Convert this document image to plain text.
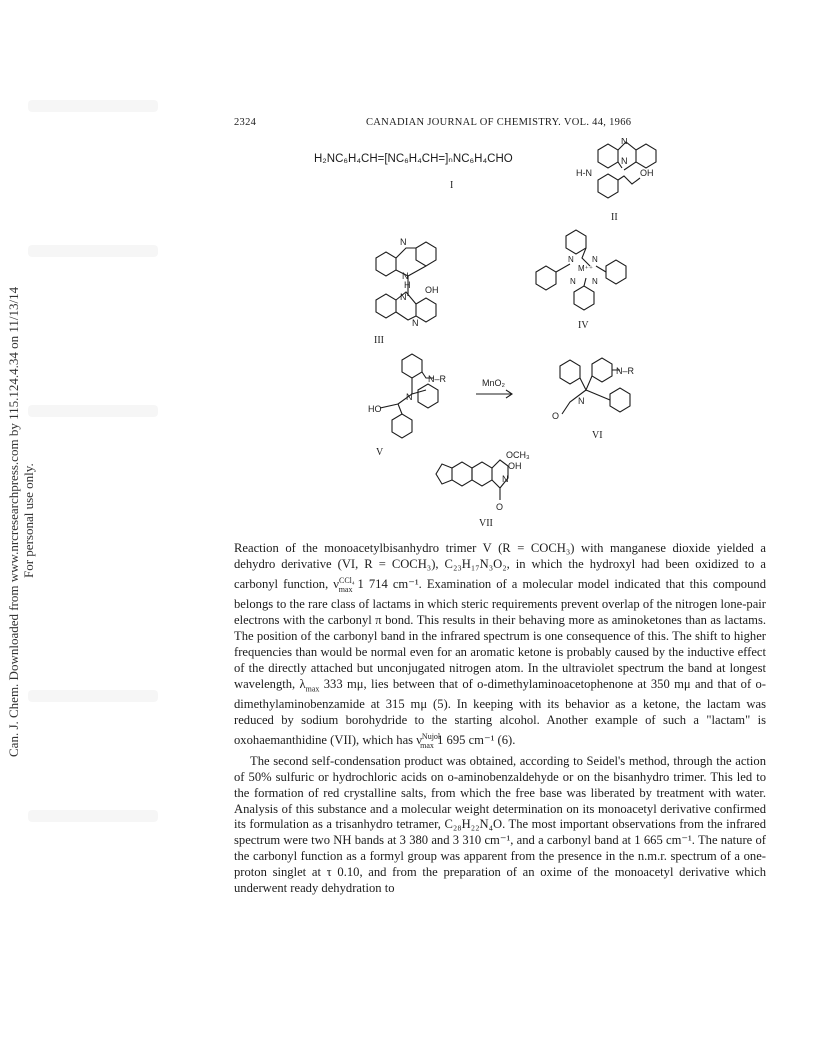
Can. J. Chem. Downloaded from www.nrcresearchpress.com by 115.124.4.34 on 11/13/14 For personal use only.
2324	CANADIAN JOURNAL OF CHEMISTRY. VOL. 44, 1966
H₂NC₆H₄CH=[NC₆H₄CH=]ₙNC₆H₄CHO
I
N
N
H-N	OH
II
N
N
H
N
OH
N
III
N N
M⁺⁺
N N
IV
N–R
N
HO
V
MnO₂
N–R
N
O
VI
OCH₃
OH
N
O
VII

Reaction of the monoacetylbisanhydro trimer V (R = COCH₃) with manganese dioxide yielded a dehydro derivative (VI, R = COCH₃), C₂₃H₁₇N₃O₂, in which the hydroxyl had been oxidized to a carbonyl function, $\nu^{CCl_4}_{max}$ 1 714 cm⁻¹. Examination of a molecular model indicated that this compound belongs to the rare class of lactams in which steric requirements prevent overlap of the nitrogen lone-pair electrons with the carbonyl π bond. This results in their behaving more as aminoketones than as lactams. The position of the carbonyl band in the infrared spectrum is one consequence of this. The shift to higher frequencies than would be normal even for an aromatic ketone is probably caused by the inductive effect of the directly attached but unconjugated nitrogen atom. In the ultraviolet spectrum the band at longest wavelength, $\lambda_{max}$ 333 mμ, lies between that of o-dimethylaminoacetophenone at 350 mμ and that of o-dimethylaminobenzamide at 315 mμ (5). In keeping with its behavior as a ketone, the lactam was reduced by sodium borohydride to the starting alcohol. Another example of such a "lactam" is oxohaemanthidine (VII), which has $\nu^{Nujol}_{max}$ 1 695 cm⁻¹ (6).

The second self-condensation product was obtained, according to Seidel's method, through the action of 50% sulfuric or hydrochloric acids on o-aminobenzaldehyde or on the bisanhydro trimer. This led to the formation of red crystalline salts, from which the free base was liberated by treatment with water. Analysis of this substance and a molecular weight determination on its monoacetyl derivative confirmed its formulation as a trisanhydro tetramer, C₂₈H₂₂N₄O. The most important observations from the infrared spectrum were two NH bands at 3 380 and 3 310 cm⁻¹, and a carbonyl band at 1 665 cm⁻¹. The nature of the carbonyl function as a formyl group was apparent from the presence in the n.m.r. spectrum of a one-proton singlet at τ 0.10, and from the preparation of an oxime of the monoacetyl derivative which underwent ready dehydration to
